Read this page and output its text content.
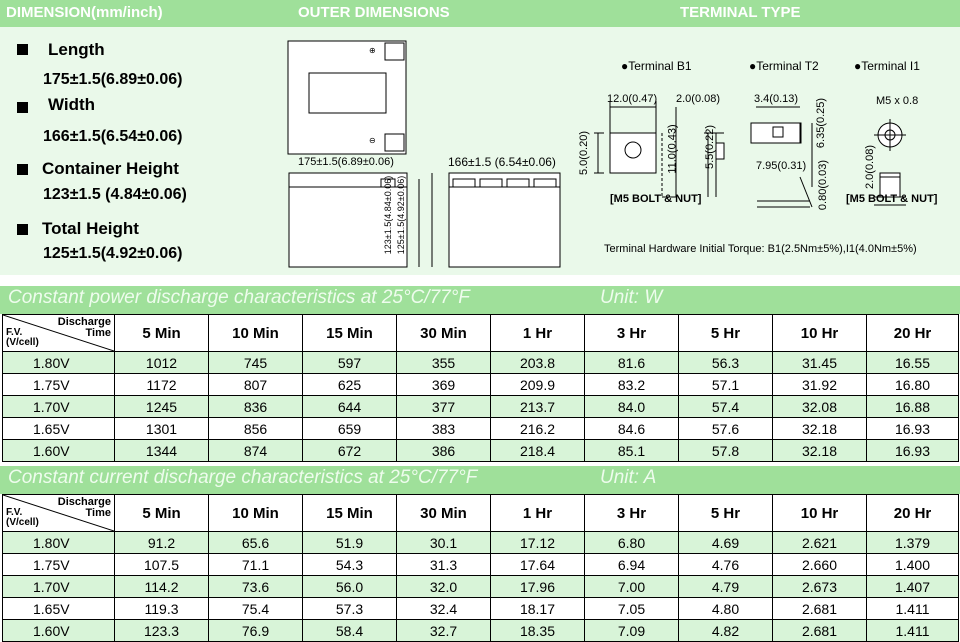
DIMENSION(mm/inch)	OUTER DIMENSIONS	TERMINAL TYPE
Length
175±1.5(6.89±0.06)
Width
166±1.5(6.54±0.06)
Container Height
123±1.5 (4.84±0.06)
Total Height
125±1.5(4.92±0.06)
⊕
⊖
175±1.5(6.89±0.06)	166±1.5 (6.54±0.06)
123±1.5(4.84±0.06) 125±1.5(4.92±0.06)
●Terminal B1	●Terminal T2	●Terminal I1
12.0(0.47) 2.0(0.08)
5.0(0.20)	11.0(0.43) 5.5(0.22)
[M5 BOLT & NUT]
3.4(0.13) 6.35(0.25)
7.95(0.31) 0.80(0.03)
M5 x 0.8
2.0(0.08)
[M5 BOLT & NUT]
Terminal Hardware Initial Torque: B1(2.5Nm±5%),I1(4.0Nm±5%)
Constant power discharge characteristics at 25°C/77°F	Unit: W
Discharge
Time
F.V.
(V/cell)	5 Min	10 Min	15 Min	30 Min	1 Hr	3 Hr	5 Hr	10 Hr	20 Hr
1.80V	1012	745	597	355	203.8	81.6	56.3	31.45	16.55
1.75V	1172	807	625	369	209.9	83.2	57.1	31.92	16.80
1.70V	1245	836	644	377	213.7	84.0	57.4	32.08	16.88
1.65V	1301	856	659	383	216.2	84.6	57.6	32.18	16.93
1.60V	1344	874	672	386	218.4	85.1	57.8	32.18	16.93
Constant current discharge characteristics at 25°C/77°F	Unit: A
Discharge
Time
F.V.
(V/cell)	5 Min	10 Min	15 Min	30 Min	1 Hr	3 Hr	5 Hr	10 Hr	20 Hr
1.80V	91.2	65.6	51.9	30.1	17.12	6.80	4.69	2.621	1.379
1.75V	107.5	71.1	54.3	31.3	17.64	6.94	4.76	2.660	1.400
1.70V	114.2	73.6	56.0	32.0	17.96	7.00	4.79	2.673	1.407
1.65V	119.3	75.4	57.3	32.4	18.17	7.05	4.80	2.681	1.411
1.60V	123.3	76.9	58.4	32.7	18.35	7.09	4.82	2.681	1.411
